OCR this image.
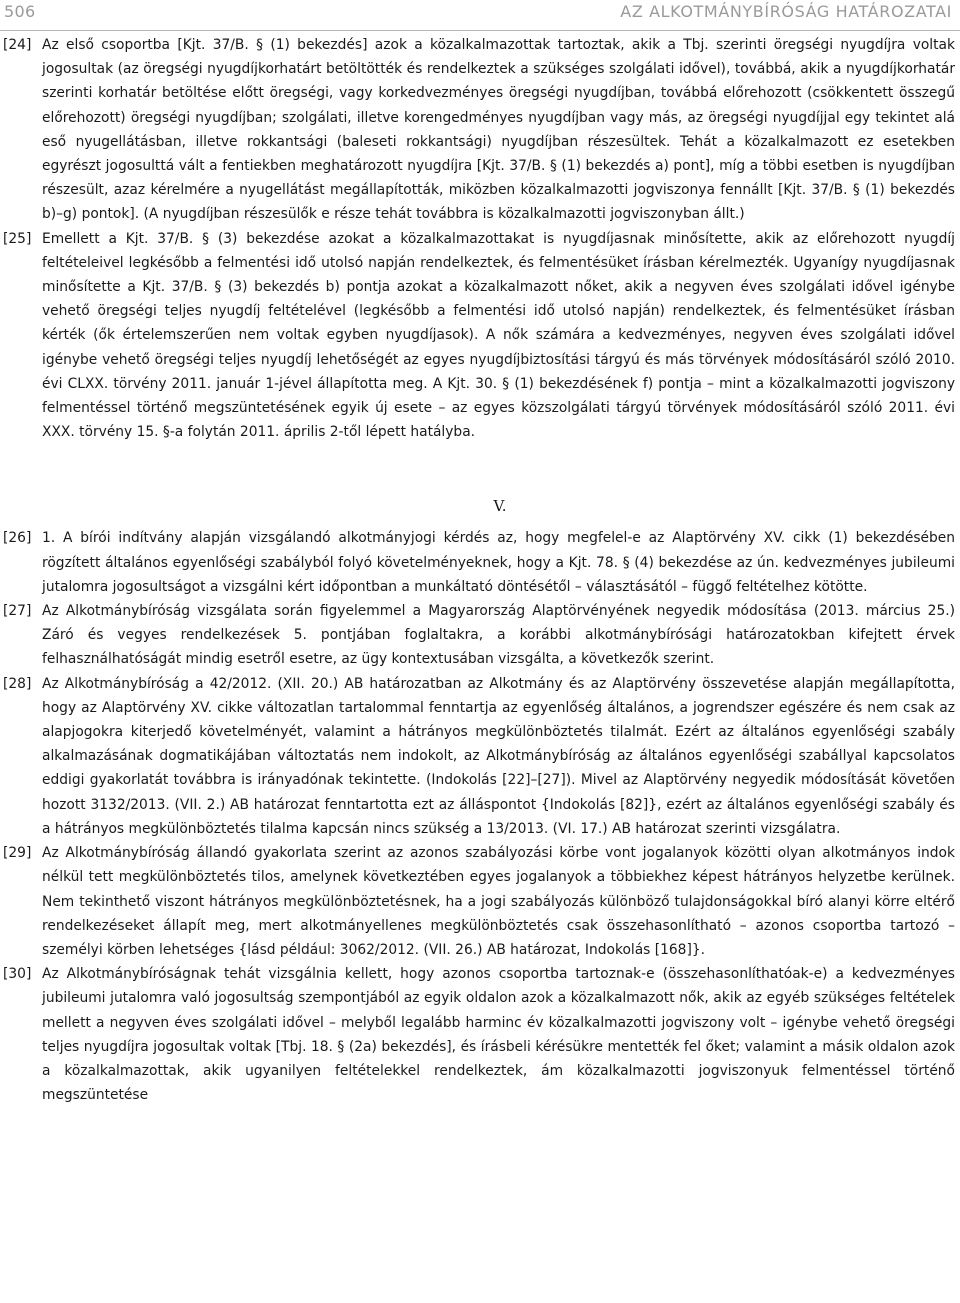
506	AZ ALKOTMÁNYBÍRÓSÁG HATÁROZATAI
[24] Az első csoportba [Kjt. 37/B. § (1) bekezdés] azok a közalkalmazottak tartoztak, akik a Tbj. szerinti öregségi nyugdíjra voltak jogosultak (az öregségi nyugdíjkorhatárt betöltötték és rendelkeztek a szükséges szolgálati idővel), továbbá, akik a nyugdíjkorhatár szerinti korhatár betöltése előtt öregségi, vagy korkedvezményes öregségi nyugdíjban, továbbá előrehozott (csökkentett összegű előrehozott) öregségi nyugdíjban; szolgálati, illetve korengedményes nyugdíjban vagy más, az öregségi nyugdíjjal egy tekintet alá eső nyugellátásban, illetve rokkantsági (baleseti rokkantsági) nyugdíjban részesültek. Tehát a közalkalmazott ez esetekben egyrészt jogosulttá vált a fentiekben meghatározott nyugdíjra [Kjt. 37/B. § (1) bekezdés a) pont], míg a többi esetben is nyugdíjban részesült, azaz kérelmére a nyugellátást megállapították, miközben közalkalmazotti jogviszonya fennállt [Kjt. 37/B. § (1) bekezdés b)–g) pontok]. (A nyugdíjban részesülők e része tehát továbbra is közalkalmazotti jogviszonyban állt.)
[25] Emellett a Kjt. 37/B. § (3) bekezdése azokat a közalkalmazottakat is nyugdíjasnak minősítette, akik az előrehozott nyugdíj feltételeivel legkésőbb a felmentési idő utolsó napján rendelkeztek, és felmentésüket írásban kérelmezték. Ugyanígy nyugdíjasnak minősítette a Kjt. 37/B. § (3) bekezdés b) pontja azokat a közalkalmazott nőket, akik a negyven éves szolgálati idővel igénybe vehető öregségi teljes nyugdíj feltételével (legkésőbb a felmentési idő utolsó napján) rendelkeztek, és felmentésüket írásban kérték (ők értelemszerűen nem voltak egyben nyugdíjasok). A nők számára a kedvezményes, negyven éves szolgálati idővel igénybe vehető öregségi teljes nyugdíj lehetőségét az egyes nyugdíjbiztosítási tárgyú és más törvények módosításáról szóló 2010. évi CLXX. törvény 2011. január 1-jével állapította meg. A Kjt. 30. § (1) bekezdésének f) pontja – mint a közalkalmazotti jogviszony felmentéssel történő megszüntetésének egyik új esete – az egyes közszolgálati tárgyú törvények módosításáról szóló 2011. évi XXX. törvény 15. §-a folytán 2011. április 2-től lépett hatályba.
V.
[26] 1. A bírói indítvány alapján vizsgálandó alkotmányjogi kérdés az, hogy megfelel-e az Alaptörvény XV. cikk (1) bekezdésében rögzített általános egyenlőségi szabályból folyó követelményeknek, hogy a Kjt. 78. § (4) bekezdése az ún. kedvezményes jubileumi jutalomra jogosultságot a vizsgálni kért időpontban a munkáltató döntésétől – választásától – függő feltételhez kötötte.
[27] Az Alkotmánybíróság vizsgálata során figyelemmel a Magyarország Alaptörvényének negyedik módosítása (2013. március 25.) Záró és vegyes rendelkezések 5. pontjában foglaltakra, a korábbi alkotmánybírósági határozatokban kifejtett érvek felhasználhatóságát mindig esetről esetre, az ügy kontextusában vizsgálta, a következők szerint.
[28] Az Alkotmánybíróság a 42/2012. (XII. 20.) AB határozatban az Alkotmány és az Alaptörvény összevetése alapján megállapította, hogy az Alaptörvény XV. cikke változatlan tartalommal fenntartja az egyenlőség általános, a jogrendszer egészére és nem csak az alapjogokra kiterjedő követelményét, valamint a hátrányos megkülönböztetés tilalmát. Ezért az általános egyenlőségi szabály alkalmazásának dogmatikájában változtatás nem indokolt, az Alkotmánybíróság az általános egyenlőségi szabállyal kapcsolatos eddigi gyakorlatát továbbra is irányadónak tekintette. (Indokolás [22]–[27]). Mivel az Alaptörvény negyedik módosítását követően hozott 3132/2013. (VII. 2.) AB határozat fenntartotta ezt az álláspontot {Indokolás [82]}, ezért az általános egyenlőségi szabály és a hátrányos megkülönböztetés tilalma kapcsán nincs szükség a 13/2013. (VI. 17.) AB határozat szerinti vizsgálatra.
[29] Az Alkotmánybíróság állandó gyakorlata szerint az azonos szabályozási körbe vont jogalanyok közötti olyan alkotmányos indok nélkül tett megkülönböztetés tilos, amelynek következtében egyes jogalanyok a többiekhez képest hátrányos helyzetbe kerülnek. Nem tekinthető viszont hátrányos megkülönböztetésnek, ha a jogi szabályozás különböző tulajdonságokkal bíró alanyi körre eltérő rendelkezéseket állapít meg, mert alkotmányellenes megkülönböztetés csak összehasonlítható – azonos csoportba tartozó – személyi körben lehetséges {lásd például: 3062/2012. (VII. 26.) AB határozat, Indokolás [168]}.
[30] Az Alkotmánybíróságnak tehát vizsgálnia kellett, hogy azonos csoportba tartoznak-e (összehasonlíthatóak-e) a kedvezményes jubileumi jutalomra való jogosultság szempontjából az egyik oldalon azok a közalkalmazott nők, akik az egyéb szükséges feltételek mellett a negyven éves szolgálati idővel – melyből legalább harminc év közalkalmazotti jogviszony volt – igénybe vehető öregségi teljes nyugdíjra jogosultak voltak [Tbj. 18. § (2a) bekezdés], és írásbeli kérésükre mentették fel őket; valamint a másik oldalon azok a közalkalmazottak, akik ugyanilyen feltételekkel rendelkeztek, ám közalkalmazotti jogviszonyuk felmentéssel történő megszüntetése
